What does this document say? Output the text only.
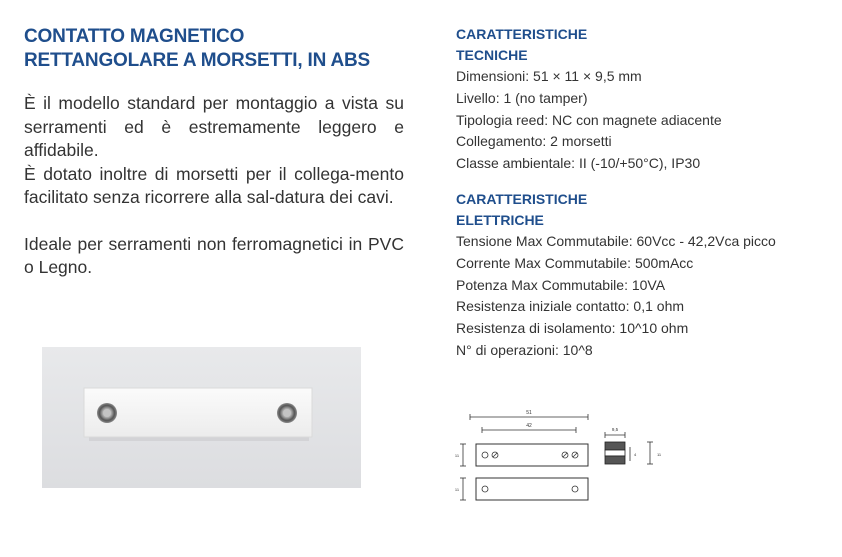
CONTATTO MAGNETICO
RETTANGOLARE A MORSETTI, IN ABS

È il modello standard per montaggio a vista su serramenti ed è estremamente leggero e affidabile.

È dotato inoltre di morsetti per il collega-mento facilitato senza ricorrere alla sal-datura dei cavi.

Ideale per serramenti non ferromagnetici in PVC o Legno.

CARATTERISTICHE
TECNICHE

Dimensioni: 51 × 11 × 9,5 mm

Livello: 1 (no tamper)

Tipologia reed: NC con magnete adiacente

Collegamento: 2 morsetti

Classe ambientale: II (-10/+50°C), IP30

CARATTERISTICHE
ELETTRICHE

Tensione Max Commutabile: 60Vcc - 42,2Vca picco

Corrente Max Commutabile: 500mAcc

Potenza Max Commutabile: 10VA

Resistenza iniziale contatto: 0,1 ohm

Resistenza di isolamento: 10^10 ohm

N° di operazioni: 10^8

51
42
11
11
9,5
4	11
